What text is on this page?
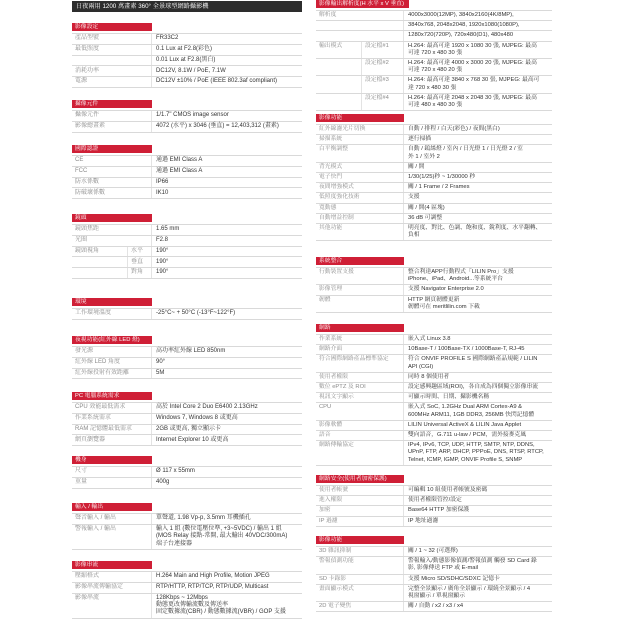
日夜兩用 1200 萬畫素 360° 全景球型網路攝影機
影像設定
產品型號	FR33C2
最低照度	0.1 Lux at F2.8(彩色)
0.01 Lux at F2.8(黑白)
消耗功率	DC12V, 8.1W / PoE, 7.1W
電源	DC12V ±10% / PoE (IEEE 802.3af compliant)
攝像元件
攝像元件	1/1.7" CMOS image sensor
影像總畫素	4072 (水平) x 3046 (垂直) = 12,403,312 (畫素)
國際認證
CE	通過 EMI Class A
FCC	通過 EMI Class A
防水係數	IP66
防破壞係數	IK10
鏡頭
鏡頭焦距	1.65 mm
光圈	F2.8
鏡頭視角	水平	190°
垂直	190°
對角	190°
環境
工作環境溫度	-25°C~ + 50°C (-13°F~122°F)
夜視功能(紅外線 LED 燈)
發光源	高功率紅外線 LED 850nm
紅外線 LED 角度	90°
紅外線投射有效距離	5M
PC 電腦系統需求
CPU 效能最低需求	高於 Intel Core 2 Duo E6400 2.13GHz
作業系統需求	Windows 7, Windows 8 或更高
RAM 記憶體最低需求	2GB 或更高, 獨立顯示卡
網頁瀏覽器	Internet Explorer 10 或更高
機身
尺寸	Ø 117 x 55mm
重量	400g
輸入 / 輸出
聲音輸入 / 輸出	單聲道, 1.98 Vp-p, 3.5mm 耳機插孔
警報輸入 / 輸出	輸入 1 組 (數位電壓位準, +3~5VDC) / 輸出 1 組
(MOS Relay 接點-常開, 最大輸出 40VDC/300mA)
端子台連接器
影像串流
壓縮格式	H.264 Main and High Profile, Motion JPEG
影像串流傳輸協定	RTP/HTTP, RTP/TCP, RTP/UDP, Multicast
影像串流	128Kbps ~ 12Mbps
動態更改傳輸流數及傳送率
固定數據流(CBR) / 動態數據流(VBR) / GOP 支援
影像輸出解析度(H 水平 x V 垂直)
解析度	4000x3000(12MP), 3840x2160(4K/8MP),
3840x768, 2048x2048, 1920x1080(1080P),
1280x720(720P), 720x480(D1), 480x480
輸出模式	設定檔#1	H.264: 最高可達 1920 x 1080 30 張, MJPEG: 最高
可達 720 x 480 30 張
設定檔#2	H.264: 最高可達 4000 x 3000 20 張, MJPEG: 最高
可達 720 x 480 20 張
設定檔#3	H.264: 最高可達 3840 x 768 30 張, MJPEG: 最高可
達 720 x 480 30 張
設定檔#4	H.264: 最高可達 2048 x 2048 30 張, MJPEG: 最高
可達 480 x 480 30 張
影像功能
紅外線濾光片切換	自動 / 排程 / 白天(彩色) / 夜間(黑白)
掃描系統	逐行掃描
白平衡調整	自動 / 鎢絲燈 / 室內 / 日光燈 1 / 日光燈 2 / 室
外 1 / 室外 2
背光模式	關 / 開
電子快門	1/30(1/25)秒 ~ 1/30000 秒
夜間增強模式	關 / 1 Frame / 2 Frames
低照度強化技術	支援
寬動態	關 / 開(4 區塊)
自動增益控制	36 dB 可調整
其他功能	明亮度、對比、色調、飽和度、銳利度、水平翻轉、
負相
系統整合
行動裝置支援	整合利達APP行動程式「LILIN Pro」支援
iPhone、iPad、Android...等系統平台
影像管理	支援 Navigator Enterprise 2.0
韌體	HTTP 網頁韌體更新
韌體可在 meritlilin.com 下載
網路
作業系統	嵌入式 Linux 3.8
網路介面	10Base-T / 100Base-TX / 1000Base-T, RJ-45
符合國際網路產品標準協定	符合 ONVIF PROFILE S 國際網路產品規範 / LILIN
API (CGI)
使用者權限	同時 8 個使用者
數位 ePTZ 及 ROI	設定感興趣區域(ROI)，各自成為四個獨立影像串流
視訊文字顯示	可顯示時間、日期、攝影機名稱
CPU	嵌入式 SoC, 1.2GHz Dual ARM Cortex-A9 &
600MHz ARM11, 1GB DDR3, 256MB 快閃記憶體
影像軟體	LILIN Universal ActiveX & LILIN Java Applet
語音	雙向語音，G.711 u-law / PCM，需外接麥克風
網路傳輸協定	IPv4, IPv6, TCP, UDP, HTTP, SMTP, NTP, DDNS,
UPnP, FTP, ARP, DHCP, PPPoE, DNS, RTSP, RTCP,
Telnet, ICMP, IGMP, ONVIF Profile S, SNMP
網路安全(使用者加密保護)
使用者帳號	可編輯 10 組使用者帳號及密碼
進入權限	使用者權限管控/設定
加密	Base64 HTTP 加密保護
IP 過濾	IP 地址過濾
影像功能
3D 雜訊抑制	關 / 1 ~ 32 (可選擇)
警報偵測功能	警報輸入/動態影像偵測/警報偵測 觸發 SD Card 錄
影, 影像傳送 FTP 或 E-mail
SD 卡錄影	支援 Micro SD/SDHC/SDXC 記憶卡
畫面顯示模式	完整全景顯示 / 廣角全景顯示 / 環繞全景顯示 / 4
視窗顯示 / 單視窗顯示
2D 電子變焦	關 / 自動 / x2 / x3 / x4
